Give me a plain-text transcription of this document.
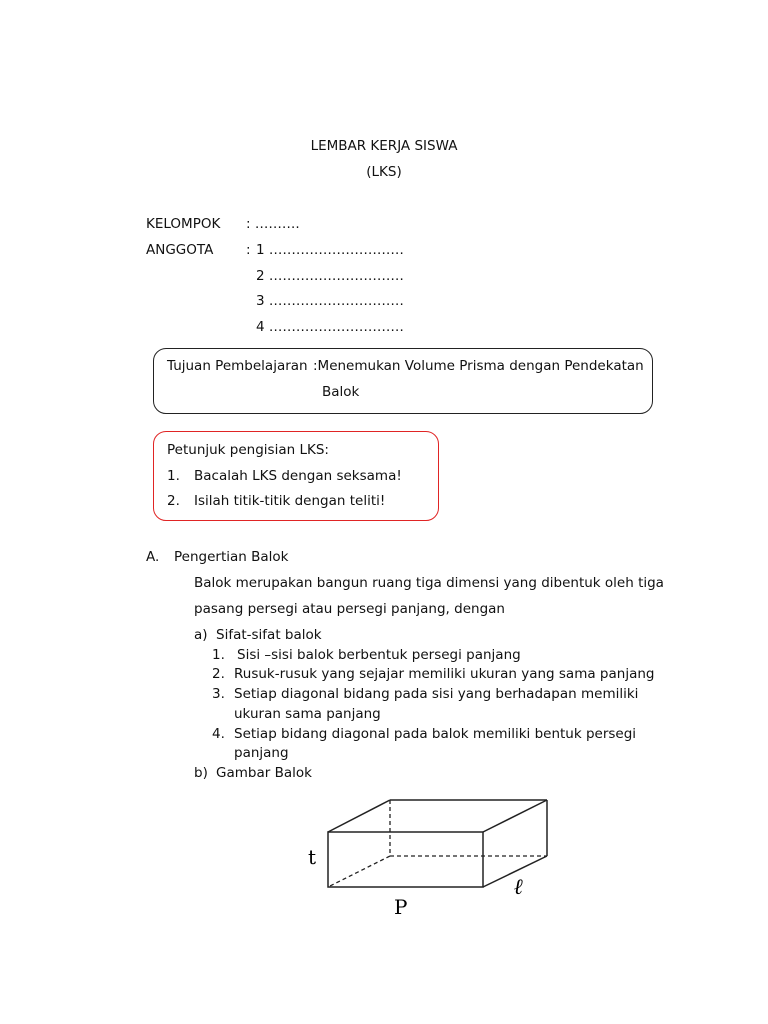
LEMBAR KERJA SISWA
(LKS)
KELOMPOK : ……….
ANGGOTA : 1 …………………………
2 …………………………
3 …………………………
4 …………………………
Tujuan Pembelajaran :Menemukan Volume Prisma dengan Pendekatan
Balok
Petunjuk pengisian LKS:
1. Bacalah LKS dengan seksama!
2. Isilah titik-titik dengan teliti!
A. Pengertian Balok
Balok merupakan bangun ruang tiga dimensi yang dibentuk oleh tiga
pasang persegi atau persegi panjang, dengan
a) Sifat-sifat balok
1. Sisi –sisi balok berbentuk persegi panjang
2. Rusuk-rusuk yang sejajar memiliki ukuran yang sama panjang
3. Setiap diagonal bidang pada sisi yang berhadapan memiliki
ukuran sama panjang
4. Setiap bidang diagonal pada balok memiliki bentuk persegi
panjang
b) Gambar Balok
t
P
ℓ
